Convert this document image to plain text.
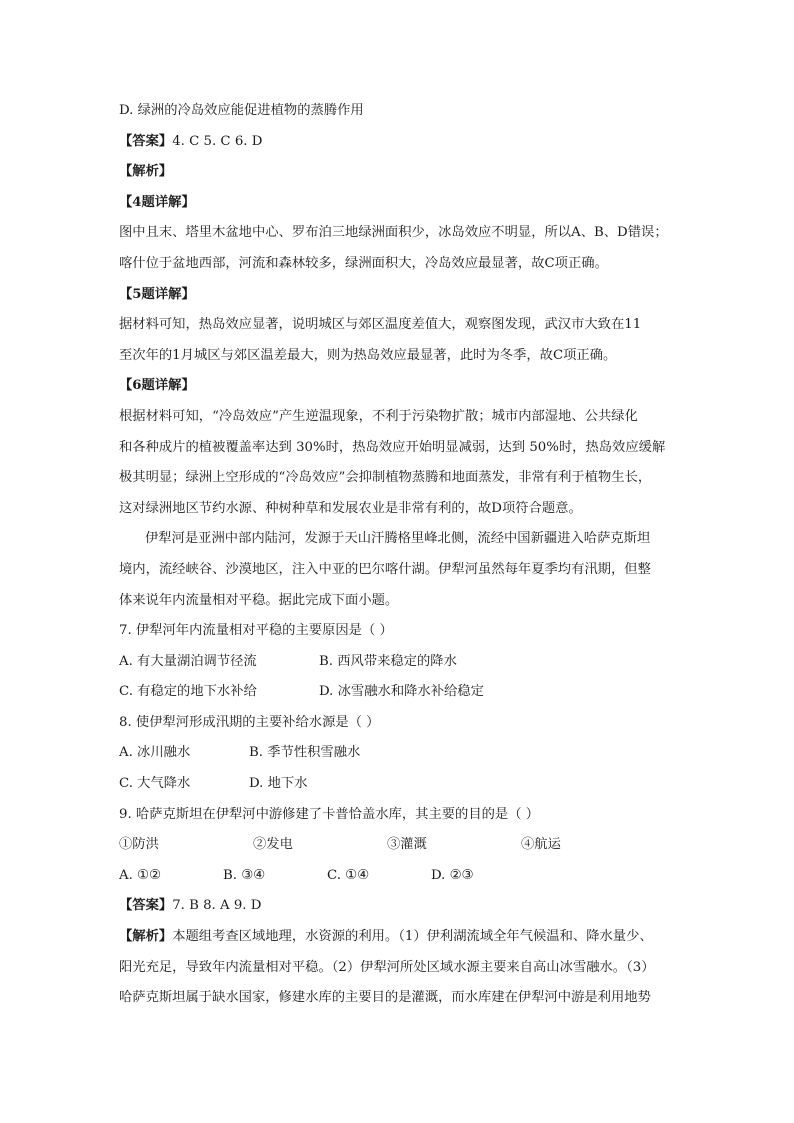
D. 绿洲的冷岛效应能促进植物的蒸腾作用
【答案】4. C 5. C 6. D
【解析】
【4题详解】
图中且末、塔里木盆地中心、罗布泊三地绿洲面积少，冰岛效应不明显，所以A、B、D错误；
喀什位于盆地西部，河流和森林较多，绿洲面积大，冷岛效应最显著，故C项正确。
【5题详解】
据材料可知，热岛效应显著，说明城区与郊区温度差值大，观察图发现，武汉市大致在11
至次年的1月城区与郊区温差最大，则为热岛效应最显著，此时为冬季，故C项正确。
【6题详解】
根据材料可知，“冷岛效应”产生逆温现象，不利于污染物扩散；城市内部湿地、公共绿化
和各种成片的植被覆盖率达到 30%时，热岛效应开始明显减弱，达到 50%时，热岛效应缓解
极其明显；绿洲上空形成的“冷岛效应”会抑制植物蒸腾和地面蒸发，非常有利于植物生长，
这对绿洲地区节约水源、种树种草和发展农业是非常有利的，故D项符合题意。
伊犁河是亚洲中部内陆河，发源于天山汗腾格里峰北侧，流经中国新疆进入哈萨克斯坦
境内，流经峡谷、沙漠地区，注入中亚的巴尔喀什湖。伊犁河虽然每年夏季均有汛期，但整
体来说年内流量相对平稳。据此完成下面小题。
7. 伊犁河年内流量相对平稳的主要原因是（ ）
A. 有大量湖泊调节径流	B. 西风带来稳定的降水
C. 有稳定的地下水补给	D. 冰雪融水和降水补给稳定
8. 使伊犁河形成汛期的主要补给水源是（ ）
A. 冰川融水	B. 季节性积雪融水
C. 大气降水	D. 地下水
9. 哈萨克斯坦在伊犁河中游修建了卡普恰盖水库，其主要的目的是（ ）
①防洪	②发电	③灌溉	④航运
A. ①②	B. ③④	C. ①④	D. ②③
【答案】7. B 8. A 9. D
【解析】本题组考查区域地理，水资源的利用。（1）伊利湖流域全年气候温和、降水量少、
阳光充足，导致年内流量相对平稳。（2）伊犁河所处区域水源主要来自高山冰雪融水。（3）
哈萨克斯坦属于缺水国家，修建水库的主要目的是灌溉，而水库建在伊犁河中游是利用地势
